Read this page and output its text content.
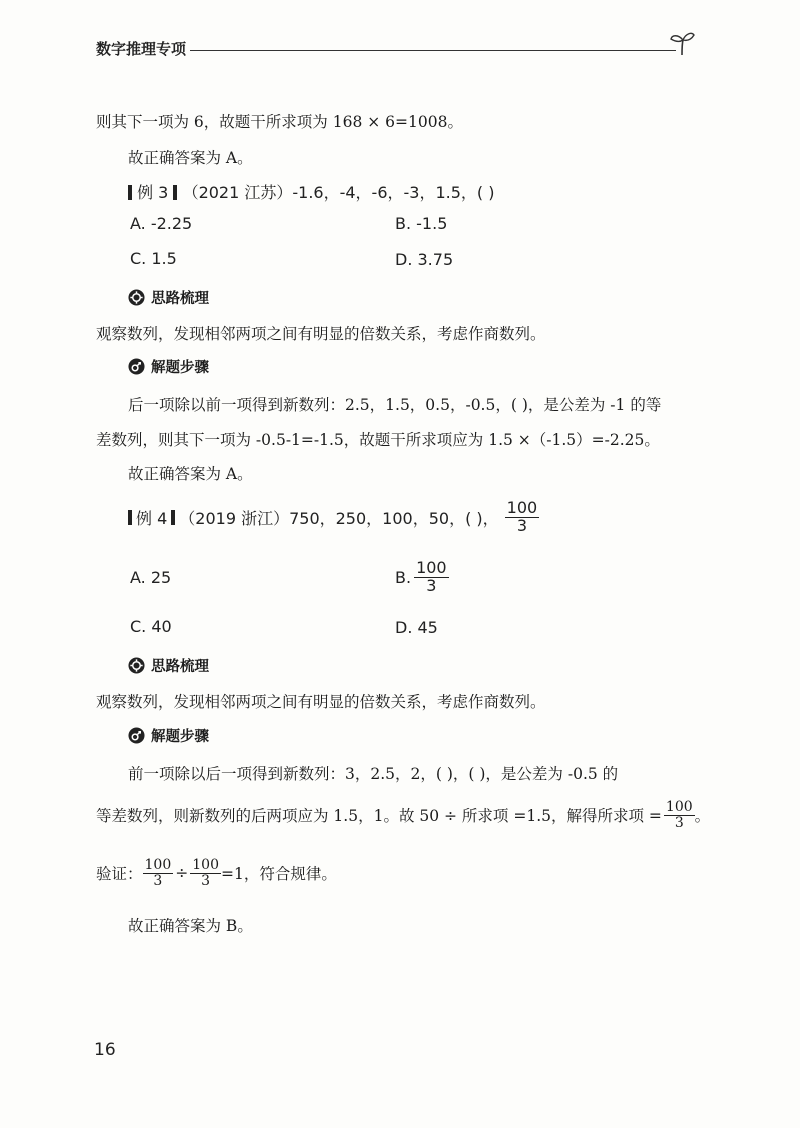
数字推理专项
则其下一项为 6，故题干所求项为 168 × 6=1008。
故正确答案为 A。
例 3 （2021 江苏）-1.6，-4，-6，-3，1.5，( )
A. -2.25	B. -1.5
C. 1.5	D. 3.75
思路梳理
观察数列，发现相邻两项之间有明显的倍数关系，考虑作商数列。
解题步骤
后一项除以前一项得到新数列：2.5，1.5，0.5，-0.5，( )，是公差为 -1 的等
差数列，则其下一项为 -0.5-1=-1.5，故题干所求项应为 1.5 ×（-1.5）=-2.25。
故正确答案为 A。
例 4 （2019 浙江）750，250，100，50，( )， $\frac{100}{3}$
A. 25	B. $\frac{100}{3}$
C. 40	D. 45
思路梳理
观察数列，发现相邻两项之间有明显的倍数关系，考虑作商数列。
解题步骤
前一项除以后一项得到新数列：3，2.5，2，( )，( )，是公差为 -0.5 的
等差数列，则新数列的后两项应为 1.5，1。故 50 ÷ 所求项 =1.5，解得所求项 = $\frac{100}{3}$ 。
验证： $\frac{100}{3} \div \frac{100}{3} =1$，符合规律。
故正确答案为 B。
16
